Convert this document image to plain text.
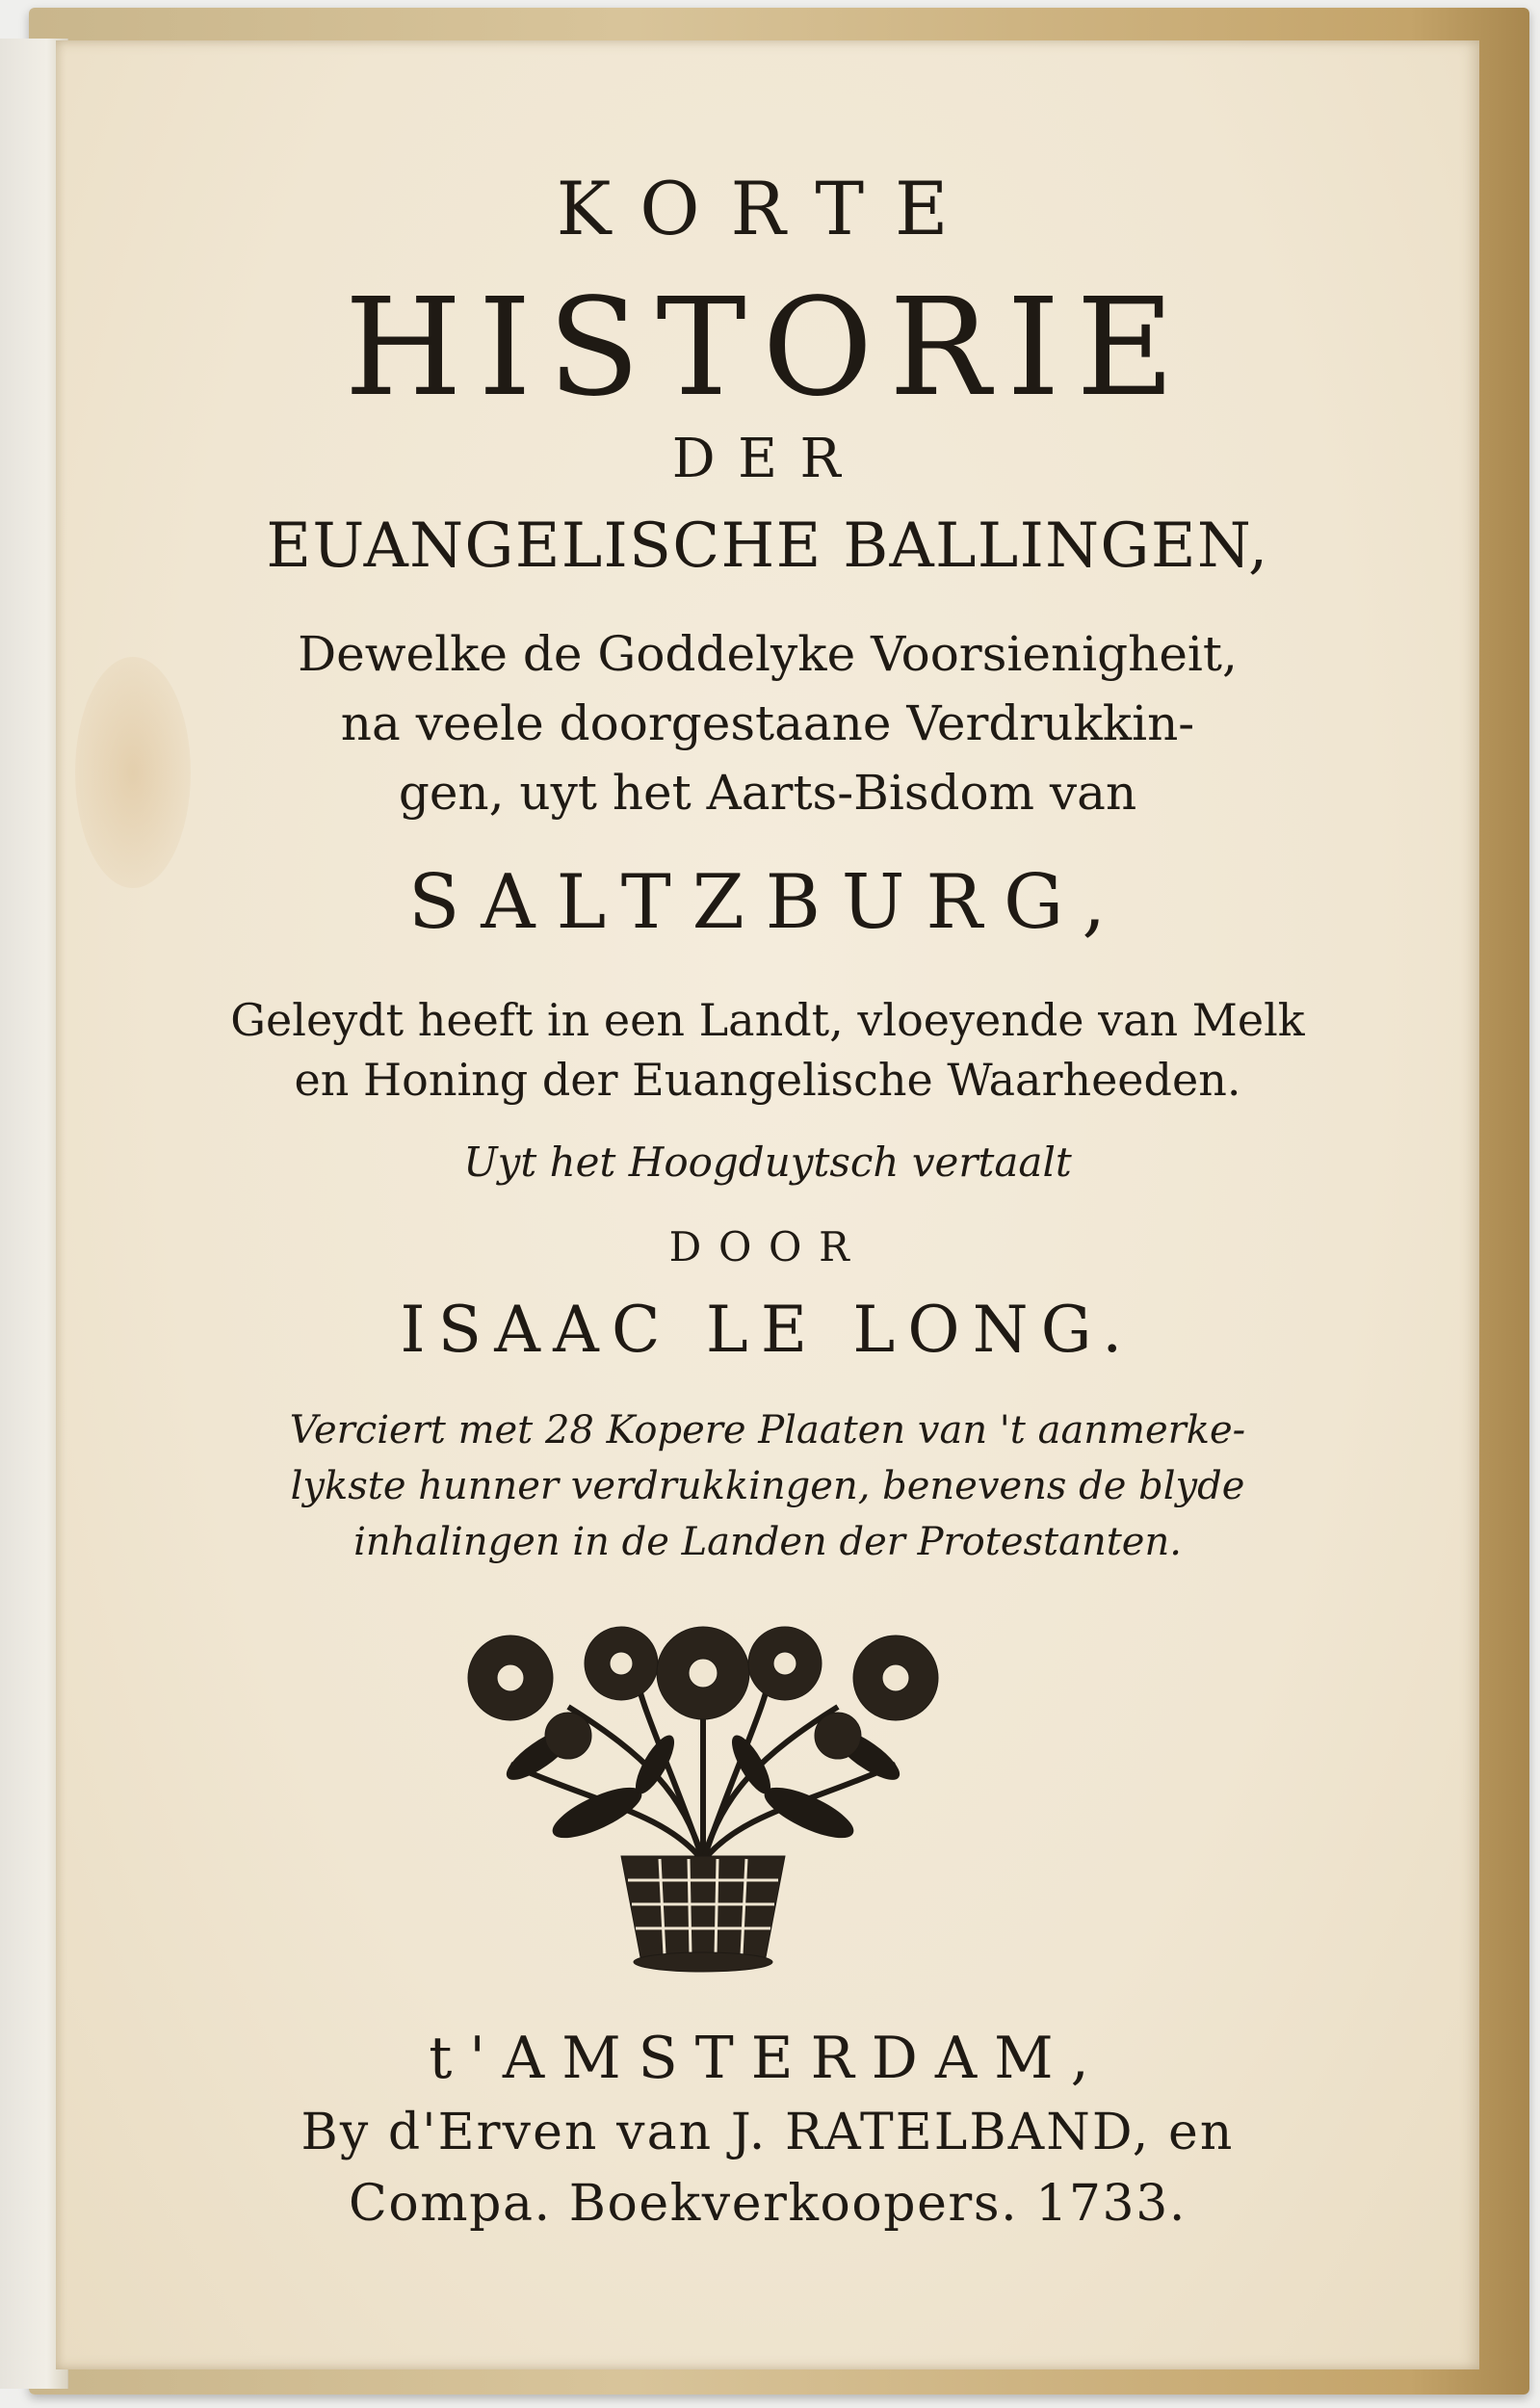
KORTE
HISTORIE
DER
EUANGELISCHE BALLINGEN,
Dewelke de Goddelyke Voorsienigheit,
na veele doorgestaane Verdrukkin-
gen, uyt het Aarts-Bisdom van
SALTZBURG,
Geleydt heeft in een Landt, vloeyende van Melk
en Honing der Euangelische Waarheeden.
Uyt het Hoogduytsch vertaalt
DOOR
ISAAC LE LONG.
Verciert met 28 Kopere Plaaten van 't aanmerke-
lykste hunner verdrukkingen, benevens de blyde
inhalingen in de Landen der Protestanten.
t'AMSTERDAM,
By d'Erven van J. RATELBAND, en
Compa. Boekverkoopers. 1733.
